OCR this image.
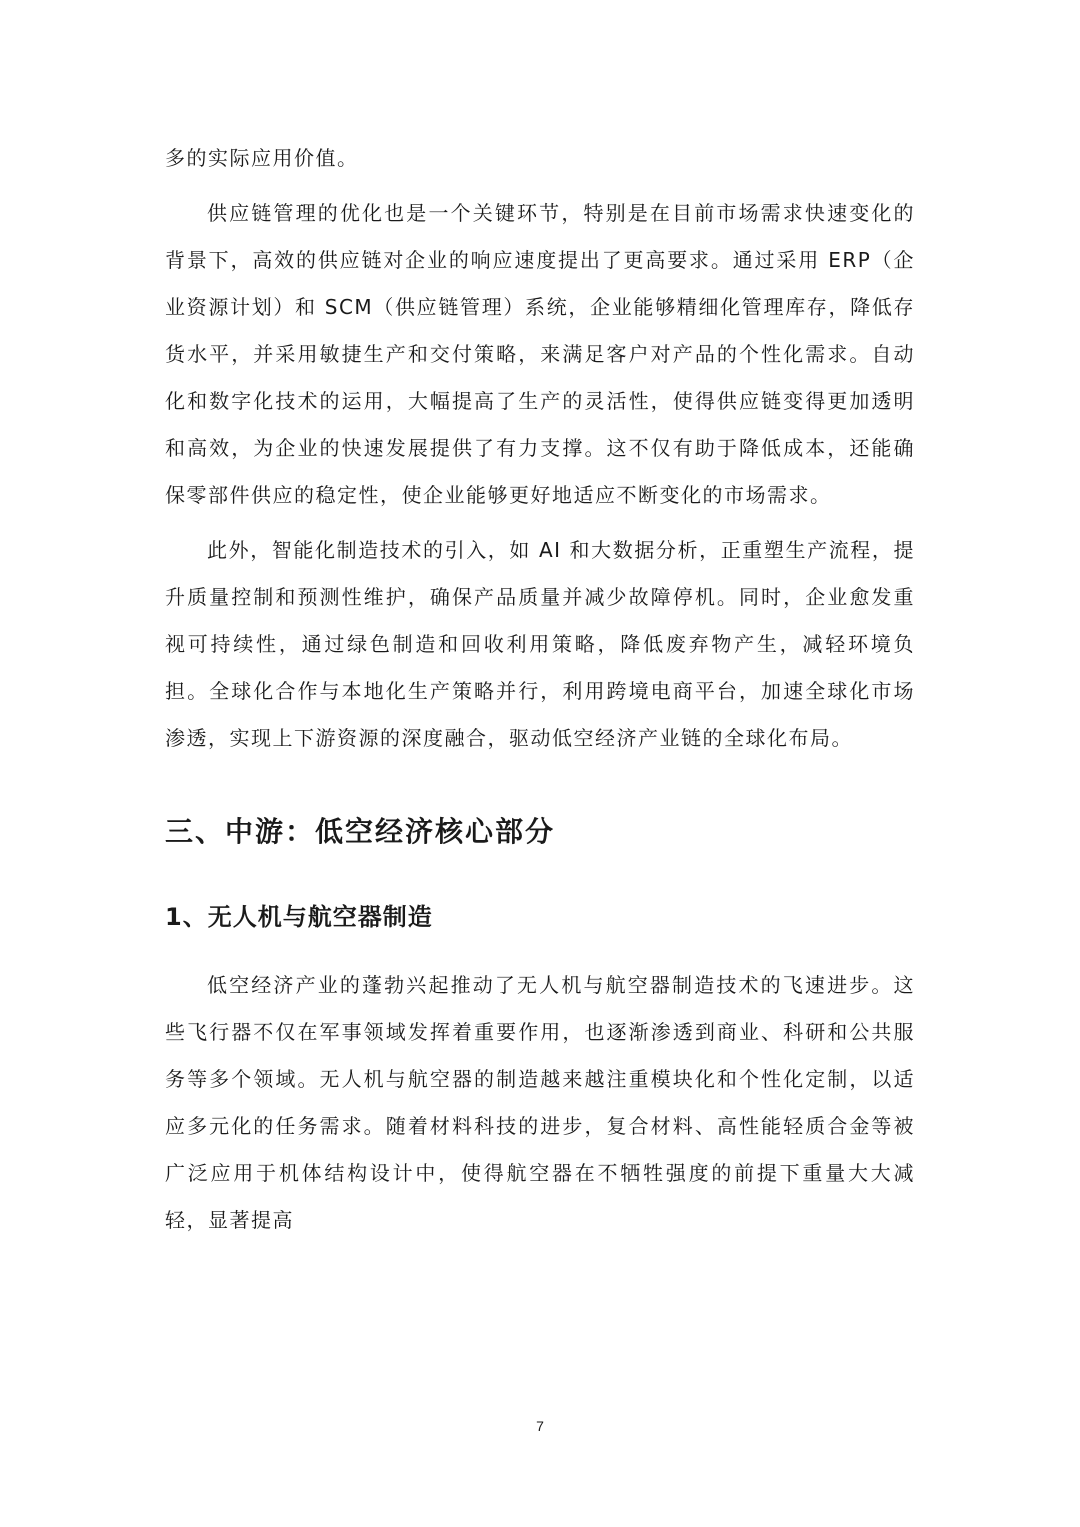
多的实际应用价值。

供应链管理的优化也是一个关键环节，特别是在目前市场需求快速变化的背景下，高效的供应链对企业的响应速度提出了更高要求。通过采用 ERP（企业资源计划）和 SCM（供应链管理）系统，企业能够精细化管理库存，降低存货水平，并采用敏捷生产和交付策略，来满足客户对产品的个性化需求。自动化和数字化技术的运用，大幅提高了生产的灵活性，使得供应链变得更加透明和高效，为企业的快速发展提供了有力支撑。这不仅有助于降低成本，还能确保零部件供应的稳定性，使企业能够更好地适应不断变化的市场需求。

此外，智能化制造技术的引入，如 AI 和大数据分析，正重塑生产流程，提升质量控制和预测性维护，确保产品质量并减少故障停机。同时，企业愈发重视可持续性，通过绿色制造和回收利用策略，降低废弃物产生，减轻环境负担。全球化合作与本地化生产策略并行，利用跨境电商平台，加速全球化市场渗透，实现上下游资源的深度融合，驱动低空经济产业链的全球化布局。

三、中游：低空经济核心部分
1、无人机与航空器制造

低空经济产业的蓬勃兴起推动了无人机与航空器制造技术的飞速进步。这些飞行器不仅在军事领域发挥着重要作用，也逐渐渗透到商业、科研和公共服务等多个领域。无人机与航空器的制造越来越注重模块化和个性化定制，以适应多元化的任务需求。随着材料科技的进步，复合材料、高性能轻质合金等被广泛应用于机体结构设计中，使得航空器在不牺牲强度的前提下重量大大减轻，显著提高

7
